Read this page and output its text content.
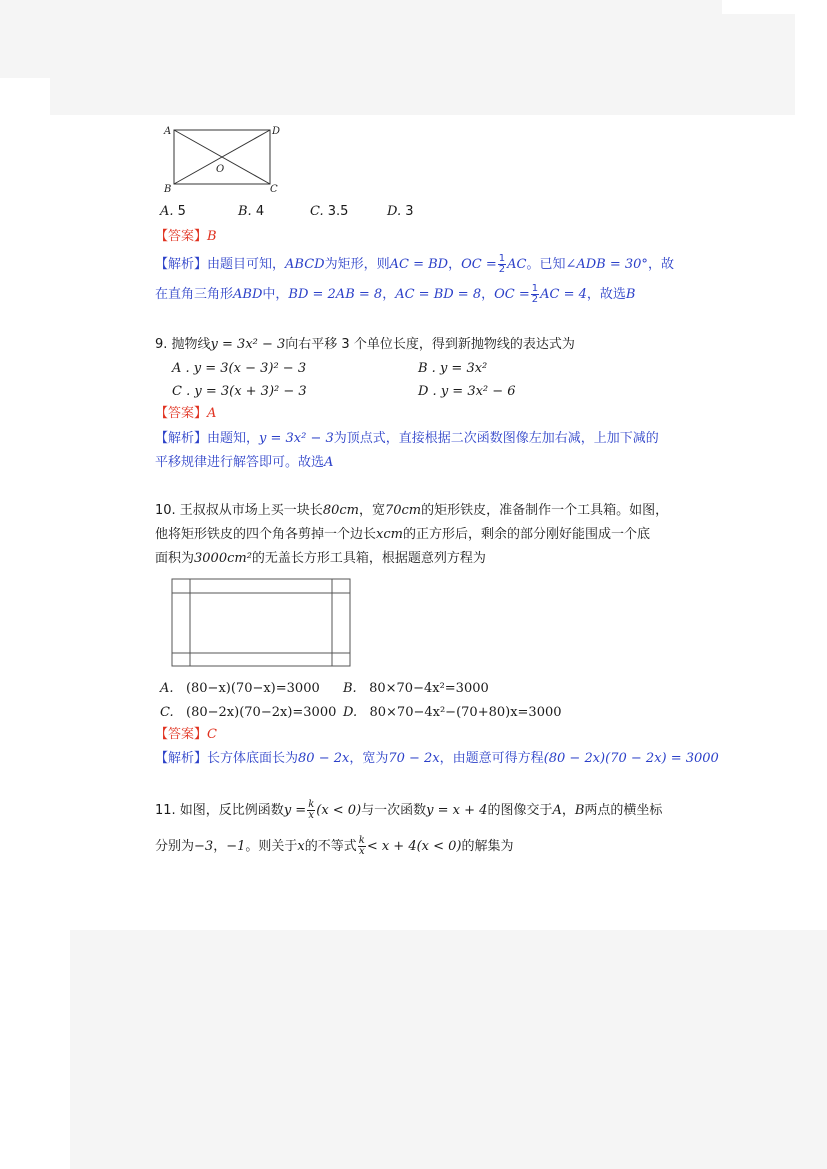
A	D
B	C
O
A. 5	B. 4	C. 3.5	D. 3
【答案】B
【解析】由题目可知，ABCD为矩形，则AC = BD，OC = $\frac{1}{2}$ AC。已知∠ADB = 30°，故
在直角三角形ABD中，BD = 2AB = 8，AC = BD = 8，OC = $\frac{1}{2}$ AC = 4，故选B
9. 抛物线y = 3x² − 3向右平移 3 个单位长度，得到新抛物线的表达式为
A . y = 3(x − 3)² − 3	B . y = 3x²
C . y = 3(x + 3)² − 3	D . y = 3x² − 6
【答案】A
【解析】由题知，y = 3x² − 3为顶点式，直接根据二次函数图像左加右减，上加下减的
平移规律进行解答即可。故选A
10. 王叔叔从市场上买一块长80cm，宽70cm的矩形铁皮，准备制作一个工具箱。如图，
他将矩形铁皮的四个角各剪掉一个边长xcm的正方形后，剩余的部分刚好能围成一个底
面积为3000cm²的无盖长方形工具箱，根据题意列方程为
A. (80−x)(70−x)=3000 B. 80×70−4x²=3000
C. (80−2x)(70−2x)=3000 D. 80×70−4x²−(70+80)x=3000
【答案】C
【解析】长方体底面长为80 − 2x，宽为70 − 2x，由题意可得方程(80 − 2x)(70 − 2x) = 3000
11. 如图，反比例函数$y = \frac{k}{x} (x < 0)$与一次函数y = x + 4的图像交于A，B两点的横坐标
分别为−3，−1。则关于x的不等式 $\frac{k}{x} < x + 4(x < 0)$的解集为
